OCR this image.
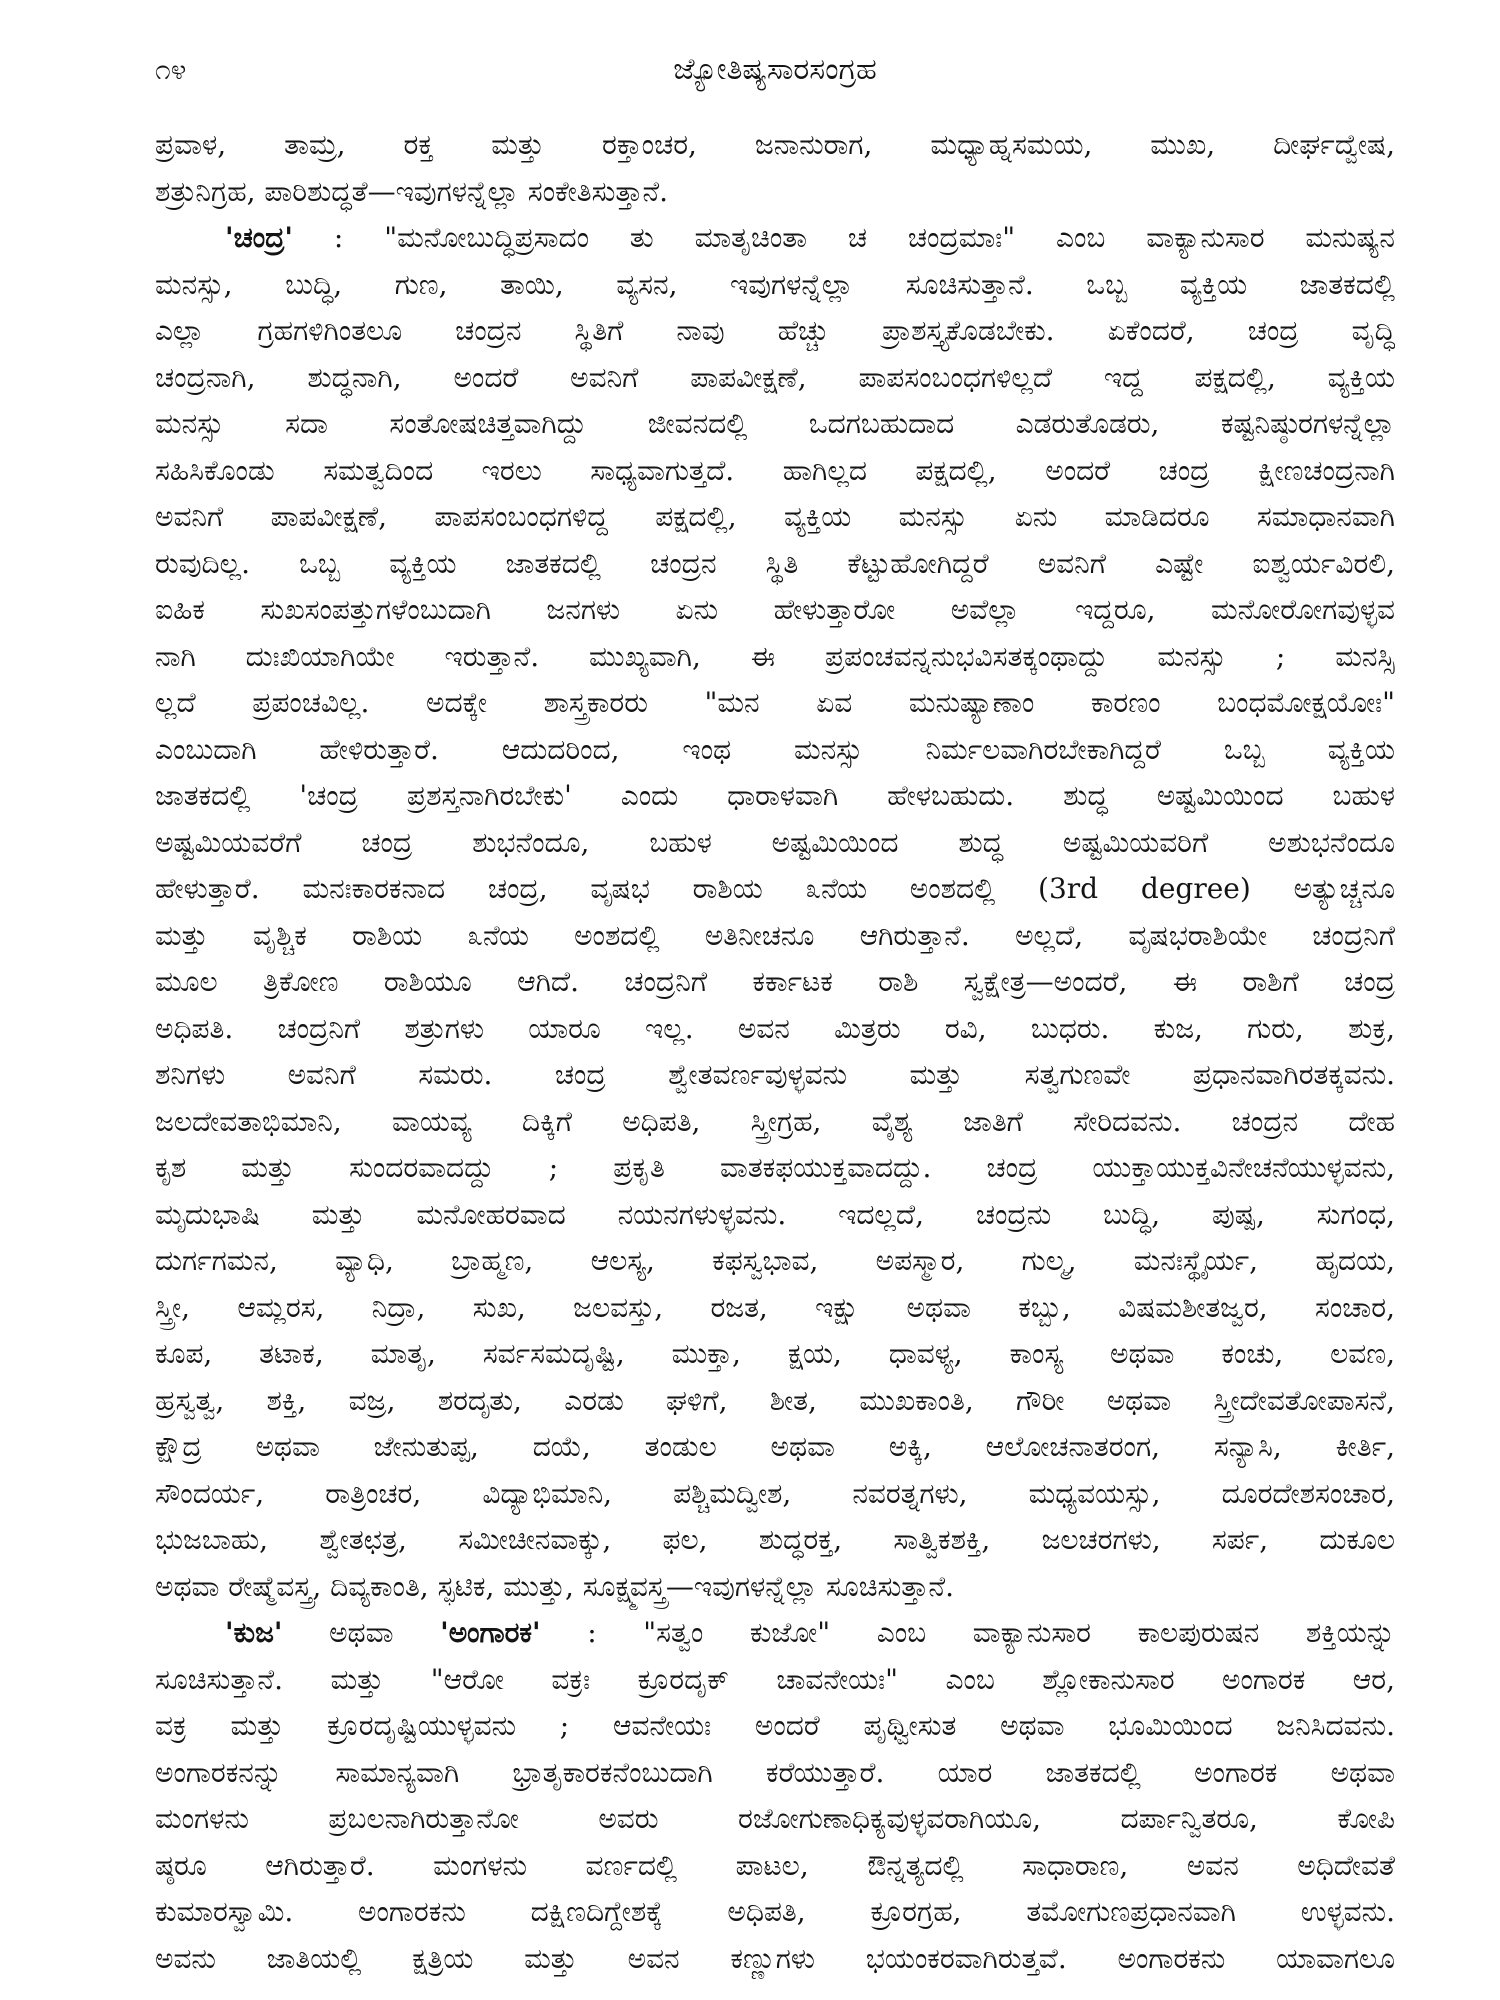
೧೪	ಜ್ಯೋತಿಷ್ಯಸಾರಸಂಗ್ರಹ
ಪ್ರವಾಳ, ತಾಮ್ರ, ರಕ್ತ ಮತ್ತು ರಕ್ತಾಂಚರ, ಜನಾನುರಾಗ, ಮಧ್ಯಾಹ್ನಸಮಯ, ಮುಖ, ದೀರ್ಘದ್ವೇಷ,
ಶತ್ರುನಿಗ್ರಹ, ಪಾರಿಶುದ್ಧತೆ—ಇವುಗಳನ್ನೆಲ್ಲಾ ಸಂಕೇತಿಸುತ್ತಾನೆ.
'ಚಂದ್ರ' : "ಮನೋಬುದ್ಧಿಪ್ರಸಾದಂ ತು ಮಾತೃಚಿಂತಾ ಚ ಚಂದ್ರಮಾಃ" ಎಂಬ ವಾಕ್ಯಾನುಸಾರ ಮನುಷ್ಯನ
ಮನಸ್ಸು, ಬುದ್ಧಿ, ಗುಣ, ತಾಯಿ, ವ್ಯಸನ, ಇವುಗಳನ್ನೆಲ್ಲಾ ಸೂಚಿಸುತ್ತಾನೆ. ಒಬ್ಬ ವ್ಯಕ್ತಿಯ ಜಾತಕದಲ್ಲಿ
ಎಲ್ಲಾ ಗ್ರಹಗಳಿಗಿಂತಲೂ ಚಂದ್ರನ ಸ್ಥಿತಿಗೆ ನಾವು ಹೆಚ್ಚು ಪ್ರಾಶಸ್ತ್ಯಕೊಡಬೇಕು. ಏಕೆಂದರೆ, ಚಂದ್ರ ವೃದ್ಧಿ
ಚಂದ್ರನಾಗಿ, ಶುದ್ಧನಾಗಿ, ಅಂದರೆ ಅವನಿಗೆ ಪಾಪವೀಕ್ಷಣೆ, ಪಾಪಸಂಬಂಧಗಳಿಲ್ಲದೆ ಇದ್ದ ಪಕ್ಷದಲ್ಲಿ, ವ್ಯಕ್ತಿಯ
ಮನಸ್ಸು ಸದಾ ಸಂತೋಷಚಿತ್ತವಾಗಿದ್ದು ಜೀವನದಲ್ಲಿ ಒದಗಬಹುದಾದ ಎಡರುತೊಡರು, ಕಷ್ಟನಿಷ್ಠುರಗಳನ್ನೆಲ್ಲಾ
ಸಹಿಸಿಕೊಂಡು ಸಮತ್ವದಿಂದ ಇರಲು ಸಾಧ್ಯವಾಗುತ್ತದೆ. ಹಾಗಿಲ್ಲದ ಪಕ್ಷದಲ್ಲಿ, ಅಂದರೆ ಚಂದ್ರ ಕ್ಷೀಣಚಂದ್ರನಾಗಿ
ಅವನಿಗೆ ಪಾಪವೀಕ್ಷಣೆ, ಪಾಪಸಂಬಂಧಗಳಿದ್ದ ಪಕ್ಷದಲ್ಲಿ, ವ್ಯಕ್ತಿಯ ಮನಸ್ಸು ಏನು ಮಾಡಿದರೂ ಸಮಾಧಾನವಾಗಿ
ರುವುದಿಲ್ಲ. ಒಬ್ಬ ವ್ಯಕ್ತಿಯ ಜಾತಕದಲ್ಲಿ ಚಂದ್ರನ ಸ್ಥಿತಿ ಕೆಟ್ಟುಹೋಗಿದ್ದರೆ ಅವನಿಗೆ ಎಷ್ಟೇ ಐಶ್ವರ್ಯವಿರಲಿ,
ಐಹಿಕ ಸುಖಸಂಪತ್ತುಗಳೆಂಬುದಾಗಿ ಜನಗಳು ಏನು ಹೇಳುತ್ತಾರೋ ಅವೆಲ್ಲಾ ಇದ್ದರೂ, ಮನೋರೋಗವುಳ್ಳವ
ನಾಗಿ ದುಃಖಿಯಾಗಿಯೇ ಇರುತ್ತಾನೆ. ಮುಖ್ಯವಾಗಿ, ಈ ಪ್ರಪಂಚವನ್ನನುಭವಿಸತಕ್ಕಂಥಾದ್ದು ಮನಸ್ಸು ; ಮನಸ್ಸಿ
ಲ್ಲದೆ ಪ್ರಪಂಚವಿಲ್ಲ. ಅದಕ್ಕೇ ಶಾಸ್ತ್ರಕಾರರು "ಮನ ಏವ ಮನುಷ್ಯಾಣಾಂ ಕಾರಣಂ ಬಂಧಮೋಕ್ಷಯೋಃ"
ಎಂಬುದಾಗಿ ಹೇಳಿರುತ್ತಾರೆ. ಆದುದರಿಂದ, ಇಂಥ ಮನಸ್ಸು ನಿರ್ಮಲವಾಗಿರಬೇಕಾಗಿದ್ದರೆ ಒಬ್ಬ ವ್ಯಕ್ತಿಯ
ಜಾತಕದಲ್ಲಿ 'ಚಂದ್ರ ಪ್ರಶಸ್ತನಾಗಿರಬೇಕು' ಎಂದು ಧಾರಾಳವಾಗಿ ಹೇಳಬಹುದು. ಶುದ್ಧ ಅಷ್ಟಮಿಯಿಂದ ಬಹುಳ
ಅಷ್ಟಮಿಯವರೆಗೆ ಚಂದ್ರ ಶುಭನೆಂದೂ, ಬಹುಳ ಅಷ್ಟಮಿಯಿಂದ ಶುದ್ಧ ಅಷ್ಟಮಿಯವರಿಗೆ ಅಶುಭನೆಂದೂ
ಹೇಳುತ್ತಾರೆ. ಮನಃಕಾರಕನಾದ ಚಂದ್ರ, ವೃಷಭ ರಾಶಿಯ ೩ನೆಯ ಅಂಶದಲ್ಲಿ (3rd degree) ಅತ್ಯುಚ್ಚನೂ
ಮತ್ತು ವೃಶ್ಚಿಕ ರಾಶಿಯ ೩ನೆಯ ಅಂಶದಲ್ಲಿ ಅತಿನೀಚನೂ ಆಗಿರುತ್ತಾನೆ. ಅಲ್ಲದೆ, ವೃಷಭರಾಶಿಯೇ ಚಂದ್ರನಿಗೆ
ಮೂಲ ತ್ರಿಕೋಣ ರಾಶಿಯೂ ಆಗಿದೆ. ಚಂದ್ರನಿಗೆ ಕರ್ಕಾಟಕ ರಾಶಿ ಸ್ವಕ್ಷೇತ್ರ—ಅಂದರೆ, ಈ ರಾಶಿಗೆ ಚಂದ್ರ
ಅಧಿಪತಿ. ಚಂದ್ರನಿಗೆ ಶತ್ರುಗಳು ಯಾರೂ ಇಲ್ಲ. ಅವನ ಮಿತ್ರರು ರವಿ, ಬುಧರು. ಕುಜ, ಗುರು, ಶುಕ್ರ,
ಶನಿಗಳು ಅವನಿಗೆ ಸಮರು. ಚಂದ್ರ ಶ್ವೇತವರ್ಣವುಳ್ಳವನು ಮತ್ತು ಸತ್ವಗುಣವೇ ಪ್ರಧಾನವಾಗಿರತಕ್ಕವನು.
ಜಲದೇವತಾಭಿಮಾನಿ, ವಾಯವ್ಯ ದಿಕ್ಕಿಗೆ ಅಧಿಪತಿ, ಸ್ತ್ರೀಗ್ರಹ, ವೈಶ್ಯ ಜಾತಿಗೆ ಸೇರಿದವನು. ಚಂದ್ರನ ದೇಹ
ಕೃಶ ಮತ್ತು ಸುಂದರವಾದದ್ದು ; ಪ್ರಕೃತಿ ವಾತಕಫಯುಕ್ತವಾದದ್ದು. ಚಂದ್ರ ಯುಕ್ತಾಯುಕ್ತವಿನೇಚನೆಯುಳ್ಳವನು,
ಮೃದುಭಾಷಿ ಮತ್ತು ಮನೋಹರವಾದ ನಯನಗಳುಳ್ಳವನು. ಇದಲ್ಲದೆ, ಚಂದ್ರನು ಬುದ್ಧಿ, ಪುಷ್ಪ, ಸುಗಂಧ,
ದುರ್ಗಗಮನ, ವ್ಯಾಧಿ, ಬ್ರಾಹ್ಮಣ, ಆಲಸ್ಯ, ಕಫಸ್ವಭಾವ, ಅಪಸ್ಮಾರ, ಗುಲ್ಮ, ಮನಃಸ್ಥೈರ್ಯ, ಹೃದಯ,
ಸ್ತ್ರೀ, ಆಮ್ಲರಸ, ನಿದ್ರಾ, ಸುಖ, ಜಲವಸ್ತು, ರಜತ, ಇಕ್ಷು ಅಥವಾ ಕಬ್ಬು, ವಿಷಮಶೀತಜ್ವರ, ಸಂಚಾರ,
ಕೂಪ, ತಟಾಕ, ಮಾತೃ, ಸರ್ವಸಮದೃಷ್ಟಿ, ಮುಕ್ತಾ, ಕ್ಷಯ, ಧಾವಳ್ಯ, ಕಾಂಸ್ಯ ಅಥವಾ ಕಂಚು, ಲವಣ,
ಹ್ರಸ್ವತ್ವ, ಶಕ್ತಿ, ವಜ್ರ, ಶರದೃತು, ಎರಡು ಘಳಿಗೆ, ಶೀತ, ಮುಖಕಾಂತಿ, ಗೌರೀ ಅಥವಾ ಸ್ತ್ರೀದೇವತೋಪಾಸನೆ,
ಕ್ಷೌದ್ರ ಅಥವಾ ಜೇನುತುಪ್ಪ, ದಯೆ, ತಂಡುಲ ಅಥವಾ ಅಕ್ಕಿ, ಆಲೋಚನಾತರಂಗ, ಸನ್ಯಾಸಿ, ಕೀರ್ತಿ,
ಸೌಂದರ್ಯ, ರಾತ್ರಿಂಚರ, ವಿದ್ಯಾಭಿಮಾನಿ, ಪಶ್ಚಿಮದ್ವೀಶ, ನವರತ್ನಗಳು, ಮಧ್ಯವಯಸ್ಸು, ದೂರದೇಶಸಂಚಾರ,
ಭುಜಬಾಹು, ಶ್ವೇತಛತ್ರ, ಸಮೀಚೀನವಾಕ್ಕು, ಫಲ, ಶುದ್ಧರಕ್ತ, ಸಾತ್ವಿಕಶಕ್ತಿ, ಜಲಚರಗಳು, ಸರ್ಪ, ದುಕೂಲ
ಅಥವಾ ರೇಷ್ಮೆವಸ್ತ್ರ, ದಿವ್ಯಕಾಂತಿ, ಸ್ಫಟಿಕ, ಮುತ್ತು, ಸೂಕ್ಷ್ಮವಸ್ತ್ರ—ಇವುಗಳನ್ನೆಲ್ಲಾ ಸೂಚಿಸುತ್ತಾನೆ.
'ಕುಜ' ಅಥವಾ 'ಅಂಗಾರಕ' : "ಸತ್ವಂ ಕುಜೋ" ಎಂಬ ವಾಕ್ಯಾನುಸಾರ ಕಾಲಪುರುಷನ ಶಕ್ತಿಯನ್ನು
ಸೂಚಿಸುತ್ತಾನೆ. ಮತ್ತು "ಆರೋ ವಕ್ರಃ ಕ್ರೂರದೃಕ್ ಚಾವನೇಯಃ" ಎಂಬ ಶ್ಲೋಕಾನುಸಾರ ಅಂಗಾರಕ ಆರ,
ವಕ್ರ ಮತ್ತು ಕ್ರೂರದೃಷ್ಟಿಯುಳ್ಳವನು ; ಆವನೇಯಃ ಅಂದರೆ ಪೃಥ್ವೀಸುತ ಅಥವಾ ಭೂಮಿಯಿಂದ ಜನಿಸಿದವನು.
ಅಂಗಾರಕನನ್ನು ಸಾಮಾನ್ಯವಾಗಿ ಭ್ರಾತೃಕಾರಕನೆಂಬುದಾಗಿ ಕರೆಯುತ್ತಾರೆ. ಯಾರ ಜಾತಕದಲ್ಲಿ ಅಂಗಾರಕ ಅಥವಾ
ಮಂಗಳನು ಪ್ರಬಲನಾಗಿರುತ್ತಾನೋ ಅವರು ರಜೋಗುಣಾಧಿಕ್ಯವುಳ್ಳವರಾಗಿಯೂ, ದರ್ಪಾನ್ವಿತರೂ, ಕೋಪಿ
ಷ್ಠರೂ ಆಗಿರುತ್ತಾರೆ. ಮಂಗಳನು ವರ್ಣದಲ್ಲಿ ಪಾಟಲ, ಔನ್ನತ್ಯದಲ್ಲಿ ಸಾಧಾರಾಣ, ಅವನ ಅಧಿದೇವತೆ
ಕುಮಾರಸ್ವಾಮಿ. ಅಂಗಾರಕನು ದಕ್ಷಿಣದಿಗ್ದೇಶಕ್ಕೆ ಅಧಿಪತಿ, ಕ್ರೂರಗ್ರಹ, ತಮೋಗುಣಪ್ರಧಾನವಾಗಿ ಉಳ್ಳವನು.
ಅವನು ಜಾತಿಯಲ್ಲಿ ಕ್ಷತ್ರಿಯ ಮತ್ತು ಅವನ ಕಣ್ಣುಗಳು ಭಯಂಕರವಾಗಿರುತ್ತವೆ. ಅಂಗಾರಕನು ಯಾವಾಗಲೂ
